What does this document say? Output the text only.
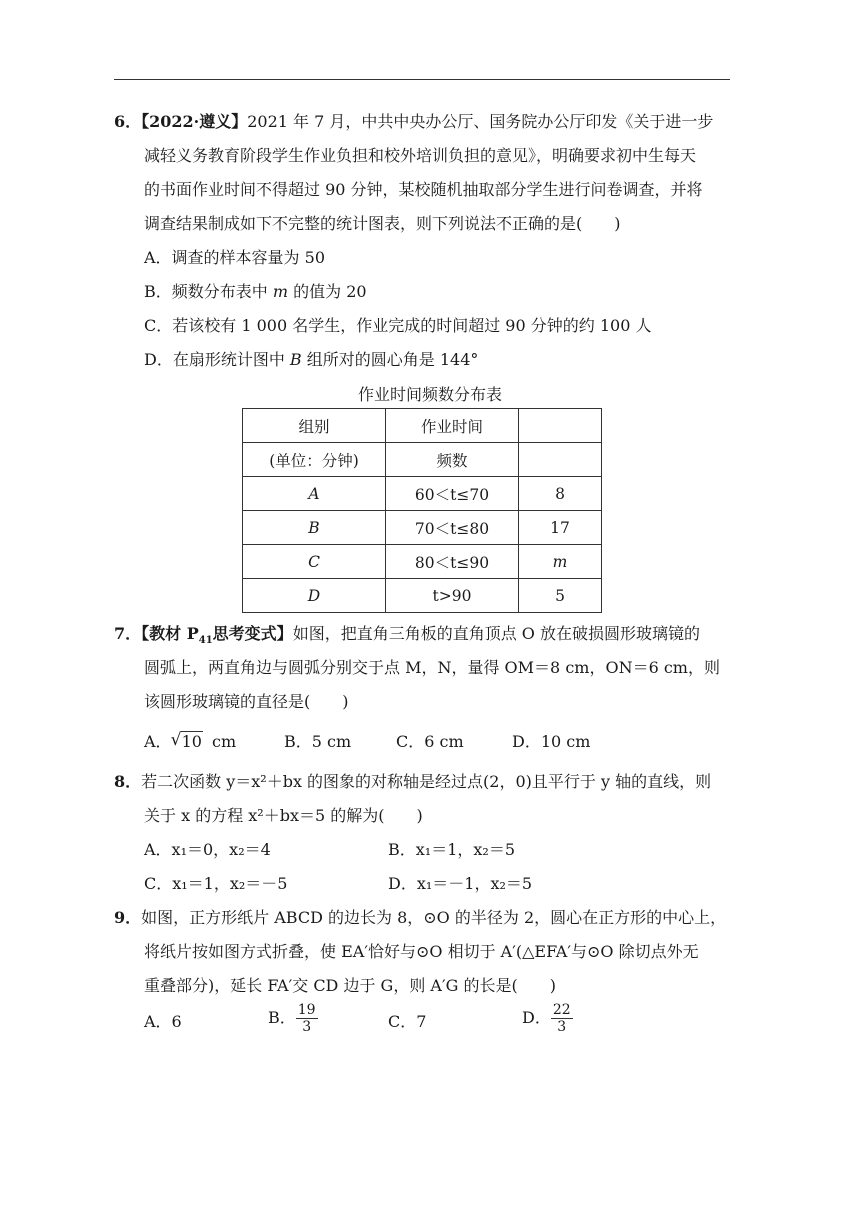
6．【2022·遵义】2021 年 7 月，中共中央办公厅、国务院办公厅印发《关于进一步
减轻义务教育阶段学生作业负担和校外培训负担的意见》，明确要求初中生每天
的书面作业时间不得超过 90 分钟，某校随机抽取部分学生进行问卷调查，并将
调查结果制成如下不完整的统计图表，则下列说法不正确的是(　　)
A．调查的样本容量为 50
B．频数分布表中 m 的值为 20
C．若该校有 1 000 名学生，作业完成的时间超过 90 分钟的约 100 人
D．在扇形统计图中 B 组所对的圆心角是 144°
作业时间频数分布表
组别	作业时间	
(单位：分钟)	频数	
A	60＜t≤70	8
B	70＜t≤80	17
C	80＜t≤90	m
D	t>90	5
7．【教材 $P_{41}$思考变式】如图，把直角三角板的直角顶点 O 放在破损圆形玻璃镜的
圆弧上，两直角边与圆弧分别交于点 M，N，量得 OM＝8 cm，ON＝6 cm，则
该圆形玻璃镜的直径是(　　)
A． √ 10 cm	B．5 cm	C．6 cm	D．10 cm
8．若二次函数 y＝x²＋bx 的图象的对称轴是经过点(2，0)且平行于 y 轴的直线，则
关于 x 的方程 x²＋bx＝5 的解为(　　)
A．x₁＝0，x₂＝4	B．x₁＝1，x₂＝5
C．x₁＝1，x₂＝－5	D．x₁＝－1，x₂＝5
9．如图，正方形纸片 ABCD 的边长为 8，⊙O 的半径为 2，圆心在正方形的中心上，
将纸片按如图方式折叠，使 EA′恰好与⊙O 相切于 A′(△EFA′与⊙O 除切点外无
重叠部分)，延长 FA′交 CD 边于 G，则 A′G 的长是(　　)
A．6	B． $\frac{19}{3}$	C．7	D． $\frac{22}{3}$
